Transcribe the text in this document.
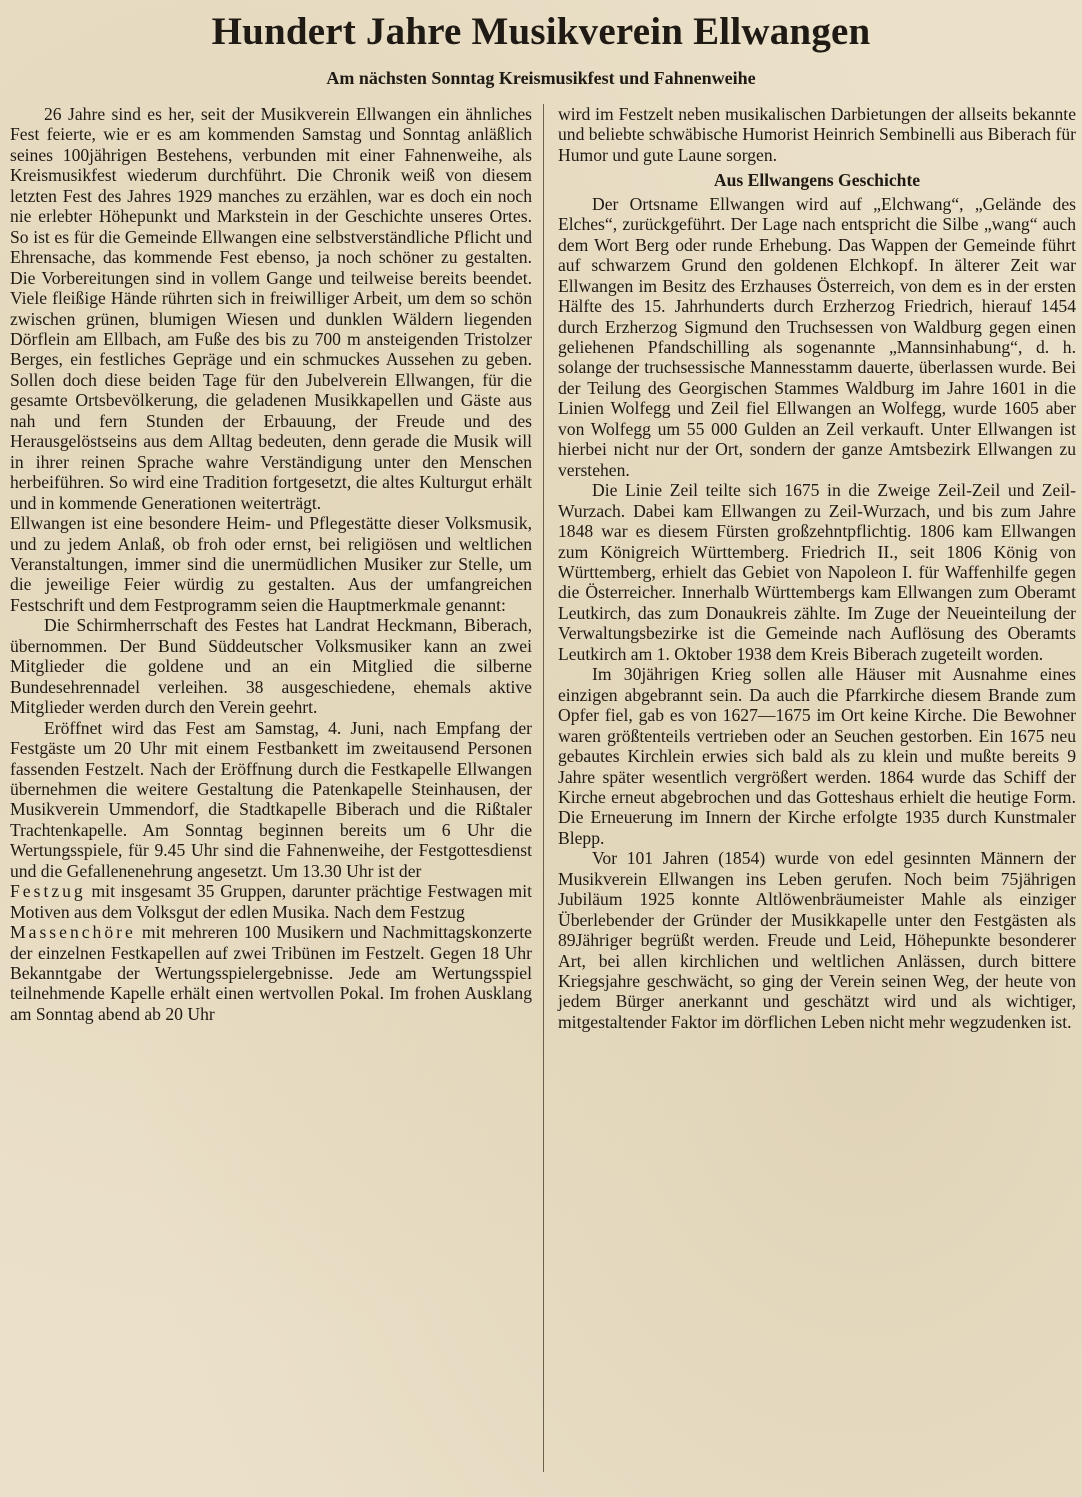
Hundert Jahre Musikverein Ellwangen
Am nächsten Sonntag Kreismusikfest und Fahnenweihe

26 Jahre sind es her, seit der Musikverein Ellwangen ein ähnliches Fest feierte, wie er es am kommenden Samstag und Sonntag anläßlich seines 100jährigen Bestehens, verbunden mit einer Fahnenweihe, als Kreismusikfest wiederum durchführt. Die Chronik weiß von diesem letzten Fest des Jahres 1929 manches zu erzählen, war es doch ein noch nie erlebter Höhepunkt und Markstein in der Geschichte unseres Ortes. So ist es für die Gemeinde Ellwangen eine selbstverständliche Pflicht und Ehrensache, das kommende Fest ebenso, ja noch schöner zu gestalten. Die Vorbereitungen sind in vollem Gange und teilweise bereits beendet. Viele fleißige Hände rührten sich in freiwilliger Arbeit, um dem so schön zwischen grünen, blumigen Wiesen und dunklen Wäldern liegenden Dörflein am Ellbach, am Fuße des bis zu 700 m ansteigenden Tristolzer Berges, ein festliches Gepräge und ein schmuckes Aussehen zu geben. Sollen doch diese beiden Tage für den Jubelverein Ellwangen, für die gesamte Ortsbevölkerung, die geladenen Musikkapellen und Gäste aus nah und fern Stunden der Erbauung, der Freude und des Herausgelöstseins aus dem Alltag bedeuten, denn gerade die Musik will in ihrer reinen Sprache wahre Verständigung unter den Menschen herbeiführen. So wird eine Tradition fortgesetzt, die altes Kulturgut erhält und in kommende Generationen weiterträgt.

Ellwangen ist eine besondere Heim- und Pflegestätte dieser Volksmusik, und zu jedem Anlaß, ob froh oder ernst, bei religiösen und weltlichen Veranstaltungen, immer sind die unermüdlichen Musiker zur Stelle, um die jeweilige Feier würdig zu gestalten. Aus der umfangreichen Festschrift und dem Festprogramm seien die Hauptmerkmale genannt:

Die Schirmherrschaft des Festes hat Landrat Heckmann, Biberach, übernommen. Der Bund Süddeutscher Volksmusiker kann an zwei Mitglieder die goldene und an ein Mitglied die silberne Bundesehrennadel verleihen. 38 ausgeschiedene, ehemals aktive Mitglieder werden durch den Verein geehrt.

Eröffnet wird das Fest am Samstag, 4. Juni, nach Empfang der Festgäste um 20 Uhr mit einem Festbankett im zweitausend Personen fassenden Festzelt. Nach der Eröffnung durch die Festkapelle Ellwangen übernehmen die weitere Gestaltung die Patenkapelle Steinhausen, der Musikverein Ummendorf, die Stadtkapelle Biberach und die Rißtaler Trachtenkapelle. Am Sonntag beginnen bereits um 6 Uhr die Wertungsspiele, für 9.45 Uhr sind die Fahnenweihe, der Festgottesdienst und die Gefallenenehrung angesetzt. Um 13.30 Uhr ist der

Festzug mit insgesamt 35 Gruppen, darunter prächtige Festwagen mit Motiven aus dem Volksgut der edlen Musika. Nach dem Festzug

Massenchöre mit mehreren 100 Musikern und Nachmittagskonzerte der einzelnen Festkapellen auf zwei Tribünen im Festzelt. Gegen 18 Uhr Bekanntgabe der Wertungsspielergebnisse. Jede am Wertungsspiel teilnehmende Kapelle erhält einen wertvollen Pokal. Im frohen Ausklang am Sonntag abend ab 20 Uhr

wird im Festzelt neben musikalischen Darbietungen der allseits bekannte und beliebte schwäbische Humorist Heinrich Sembinelli aus Biberach für Humor und gute Laune sorgen.

Aus Ellwangens Geschichte

Der Ortsname Ellwangen wird auf „Elchwang“, „Gelände des Elches“, zurückgeführt. Der Lage nach entspricht die Silbe „wang“ auch dem Wort Berg oder runde Erhebung. Das Wappen der Gemeinde führt auf schwarzem Grund den goldenen Elchkopf. In älterer Zeit war Ellwangen im Besitz des Erzhauses Österreich, von dem es in der ersten Hälfte des 15. Jahrhunderts durch Erzherzog Friedrich, hierauf 1454 durch Erzherzog Sigmund den Truchsessen von Waldburg gegen einen geliehenen Pfandschilling als sogenannte „Mannsinhabung“, d. h. solange der truchsessische Mannesstamm dauerte, überlassen wurde. Bei der Teilung des Georgischen Stammes Waldburg im Jahre 1601 in die Linien Wolfegg und Zeil fiel Ellwangen an Wolfegg, wurde 1605 aber von Wolfegg um 55 000 Gulden an Zeil verkauft. Unter Ellwangen ist hierbei nicht nur der Ort, sondern der ganze Amtsbezirk Ellwangen zu verstehen.

Die Linie Zeil teilte sich 1675 in die Zweige Zeil-Zeil und Zeil-Wurzach. Dabei kam Ellwangen zu Zeil-Wurzach, und bis zum Jahre 1848 war es diesem Fürsten großzehntpflichtig. 1806 kam Ellwangen zum Königreich Württemberg. Friedrich II., seit 1806 König von Württemberg, erhielt das Gebiet von Napoleon I. für Waffenhilfe gegen die Österreicher. Innerhalb Württembergs kam Ellwangen zum Oberamt Leutkirch, das zum Donaukreis zählte. Im Zuge der Neueinteilung der Verwaltungsbezirke ist die Gemeinde nach Auflösung des Oberamts Leutkirch am 1. Oktober 1938 dem Kreis Biberach zugeteilt worden.

Im 30jährigen Krieg sollen alle Häuser mit Ausnahme eines einzigen abgebrannt sein. Da auch die Pfarrkirche diesem Brande zum Opfer fiel, gab es von 1627—1675 im Ort keine Kirche. Die Bewohner waren größtenteils vertrieben oder an Seuchen gestorben. Ein 1675 neu gebautes Kirchlein erwies sich bald als zu klein und mußte bereits 9 Jahre später wesentlich vergrößert werden. 1864 wurde das Schiff der Kirche erneut abgebrochen und das Gotteshaus erhielt die heutige Form. Die Erneuerung im Innern der Kirche erfolgte 1935 durch Kunstmaler Blepp.

Vor 101 Jahren (1854) wurde von edel gesinnten Männern der Musikverein Ellwangen ins Leben gerufen. Noch beim 75jährigen Jubiläum 1925 konnte Altlöwenbräumeister Mahle als einziger Überlebender der Gründer der Musikkapelle unter den Festgästen als 89Jähriger begrüßt werden. Freude und Leid, Höhepunkte besonderer Art, bei allen kirchlichen und weltlichen Anlässen, durch bittere Kriegsjahre geschwächt, so ging der Verein seinen Weg, der heute von jedem Bürger anerkannt und geschätzt wird und als wichtiger, mitgestaltender Faktor im dörflichen Leben nicht mehr wegzudenken ist.
